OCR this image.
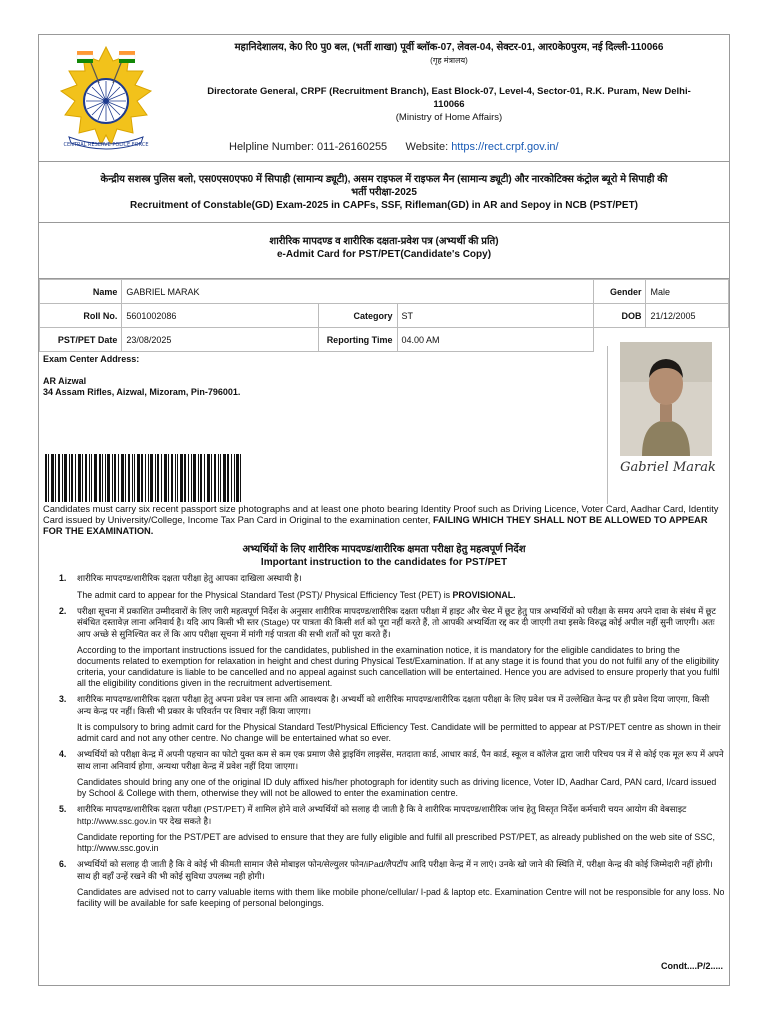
CENTRAL RESERVE POLICE FORCE
महानिदेशालय, के0 रि0 पु0 बल, (भर्ती शाखा) पूर्वी ब्लॉक-07, लेवल-04, सेक्टर-01, आर0के0पुरम, नई दिल्ली-110066
(गृह मंत्रालय)
Directorate General, CRPF (Recruitment Branch), East Block-07, Level-4, Sector-01, R.K. Puram, New Delhi-110066
(Ministry of Home Affairs)
Helpline Number: 011-26160255 Website: https://rect.crpf.gov.in/
केन्द्रीय सशस्त्र पुलिस बलो, एस0एस0एफ0 में सिपाही (सामान्य ड्यूटी), असम राइफल में राइफल मैन (सामान्य ड्यूटी) और नारकोटिक्स कंट्रोल ब्यूरो मे सिपाही की भर्ती परीक्षा-2025
Recruitment of Constable(GD) Exam-2025 in CAPFs, SSF, Rifleman(GD) in AR and Sepoy in NCB (PST/PET)
शारीरिक मापदण्ड व शारीरिक दक्षता-प्रवेश पत्र (अभ्यर्थी की प्रति)
e-Admit Card for PST/PET(Candidate's Copy)
Name	GABRIEL MARAK			Gender	Male
Roll No.	5601002086	Category	ST	DOB	21/12/2005
PST/PET Date	23/08/2025	Reporting Time	04.00 AM		
Exam Center Address:
AR Aizwal
34 Assam Rifles, Aizwal, Mizoram, Pin-796001.
Gabriel Marak
Candidates must carry six recent passport size photographs and at least one photo bearing Identity Proof such as Driving Licence, Voter Card, Aadhar Card, Identity Card issued by University/College, Income Tax Pan Card in Original to the examination center, FAILING WHICH THEY SHALL NOT BE ALLOWED TO APPEAR FOR THE EXAMINATION.
अभ्यर्थियों के लिए शारीरिक मापदण्ड/शारीरिक क्षमता परीक्षा हेतु महत्वपूर्ण निर्देश
Important instruction to the candidates for PST/PET
1. शारीरिक मापदण्ड/शारीरिक दक्षता परीक्षा हेतु आपका दाखिला अस्थायी है।

The admit card to appear for the Physical Standard Test (PST)/ Physical Efficiency Test (PET) is PROVISIONAL.

2. परीक्षा सूचना में प्रकाशित उम्मीदवारों के लिए जारी महत्वपूर्ण निर्देश के अनुसार शारीरिक मापदण्ड/शारीरिक दक्षता परीक्षा में हाइट और चेस्ट में छूट हेतु पात्र अभ्यर्थियों को परीक्षा के समय अपने दावा के संबंध में छूट संबंधित दस्तावेज़ लाना अनिवार्य है। यदि आप किसी भी स्तर (Stage) पर पात्रता की किसी शर्त को पूरा नहीं करते हैं, तो आपकी अभ्यर्थिता रद्द कर दी जाएगी तथा इसके विरुद्ध कोई अपील नहीं सुनी जाएगी। अतः आप अच्छे से सुनिश्चित कर लें कि आप परीक्षा सूचना में मांगी गई पात्रता की सभी शर्तों को पूरा करते हैं।

According to the important instructions issued for the candidates, published in the examination notice, it is mandatory for the eligible candidates to bring the documents related to exemption for relaxation in height and chest during Physical Test/Examination. If at any stage it is found that you do not fulfil any of the eligibility criteria, your candidature is liable to be cancelled and no appeal against such cancellation will be entertained. Hence you are advised to ensure properly that you fulfil all the eligibility conditions given in the recruitment advertisement.

3. शारीरिक मापदण्ड/शारीरिक दक्षता परीक्षा हेतु अपना प्रवेश पत्र लाना अति आवश्यक है। अभ्यर्थी को शारीरिक मापदण्ड/शारीरिक दक्षता परीक्षा के लिए प्रवेश पत्र में उल्लेखित केन्द्र पर ही प्रवेश दिया जाएगा, किसी अन्य केन्द्र पर नहीं। किसी भी प्रकार के परिवर्तन पर विचार नहीं किया जाएगा।

It is compulsory to bring admit card for the Physical Standard Test/Physical Efficiency Test. Candidate will be permitted to appear at PST/PET centre as shown in their admit card and not any other centre. No change will be entertained what so ever.

4. अभ्यर्थियों को परीक्षा केन्द्र में अपनी पहचान का फोटो युक्त कम से कम एक प्रमाण जैसे ड्राइविंग लाइसेंस, मतदाता कार्ड, आधार कार्ड, पैन कार्ड, स्कूल व कॉलेज द्वारा जारी परिचय पत्र में से कोई एक मूल रूप में अपने साथ लाना अनिवार्य होगा, अन्यथा परीक्षा केन्द्र में प्रवेश नहीं दिया जाएगा।

Candidates should bring any one of the original ID duly affixed his/her photograph for identity such as driving licence, Voter ID, Aadhar Card, PAN card, I/card issued by School & College with them, otherwise they will not be allowed to enter the examination centre.

5. शारीरिक मापदण्ड/शारीरिक दक्षता परीक्षा (PST/PET) में शामिल होने वाले अभ्यर्थियों को सलाह दी जाती है कि वे शारीरिक मापदण्ड/शारीरिक जांच हेतु विस्तृत निर्देश कर्मचारी चयन आयोग की वेबसाइट http://www.ssc.gov.in पर देख सकते है।

Candidate reporting for the PST/PET are advised to ensure that they are fully eligible and fulfil all prescribed PST/PET, as already published on the web site of SSC, http://www.ssc.gov.in

6. अभ्यर्थियों को सलाह दी जाती है कि वे कोई भी कीमती सामान जैसे मोबाइल फोन/सेल्युलर फोन/iPad/लैपटॉप आदि परीक्षा केन्द्र में न लाएं। उनके खो जाने की स्थिति में, परीक्षा केन्द्र की कोई जिम्मेदारी नहीं होगी। साथ ही वहाँ उन्हें रखने की भी कोई सुविधा उपलब्ध नही होगी।

Candidates are advised not to carry valuable items with them like mobile phone/cellular/ I-pad & laptop etc. Examination Centre will not be responsible for any loss. No facility will be available for safe keeping of personal belongings.

Condt....P/2.....
